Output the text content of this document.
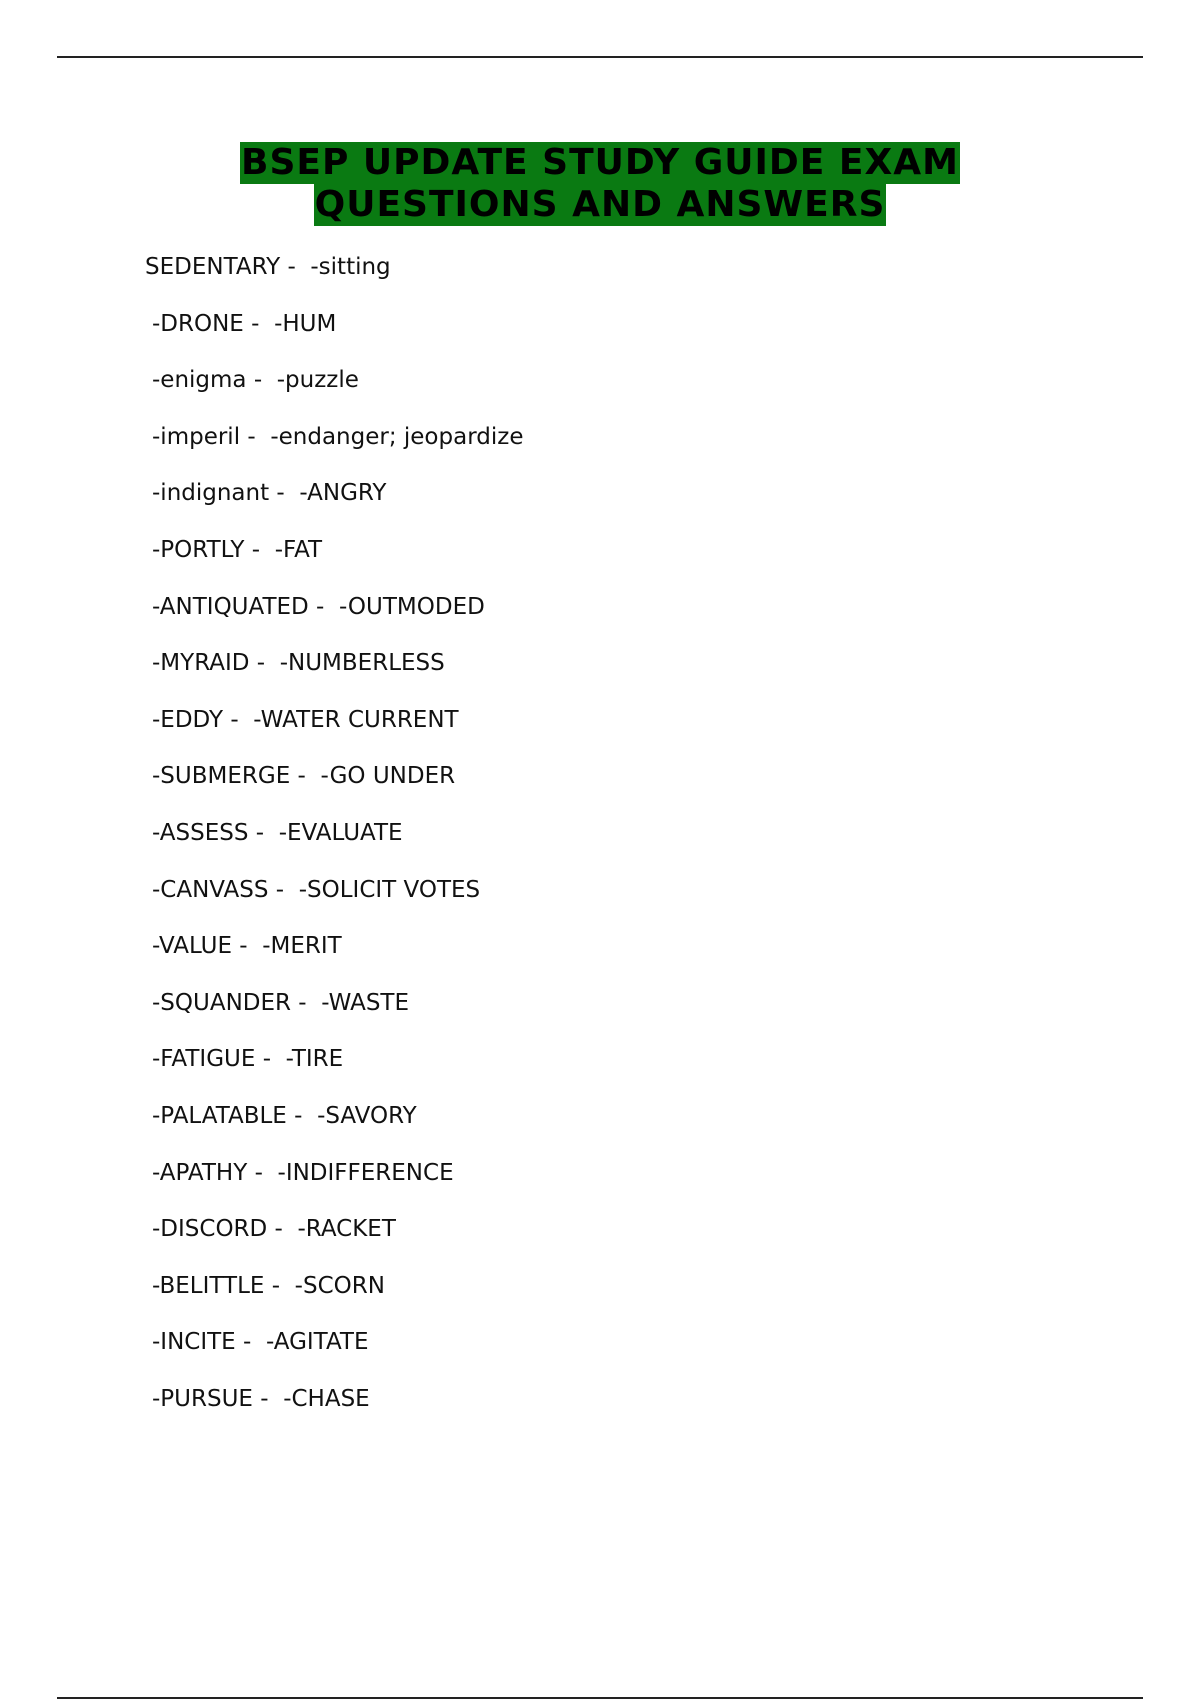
BSEP UPDATE STUDY GUIDE EXAM
QUESTIONS AND ANSWERS
SEDENTARY -  -sitting
-DRONE -  -HUM
-enigma -  -puzzle
-imperil -  -endanger; jeopardize
-indignant -  -ANGRY
-PORTLY -  -FAT
-ANTIQUATED -  -OUTMODED
-MYRAID -  -NUMBERLESS
-EDDY -  -WATER CURRENT
-SUBMERGE -  -GO UNDER
-ASSESS -  -EVALUATE
-CANVASS -  -SOLICIT VOTES
-VALUE -  -MERIT
-SQUANDER -  -WASTE
-FATIGUE -  -TIRE
-PALATABLE -  -SAVORY
-APATHY -  -INDIFFERENCE
-DISCORD -  -RACKET
-BELITTLE -  -SCORN
-INCITE -  -AGITATE
-PURSUE -  -CHASE
